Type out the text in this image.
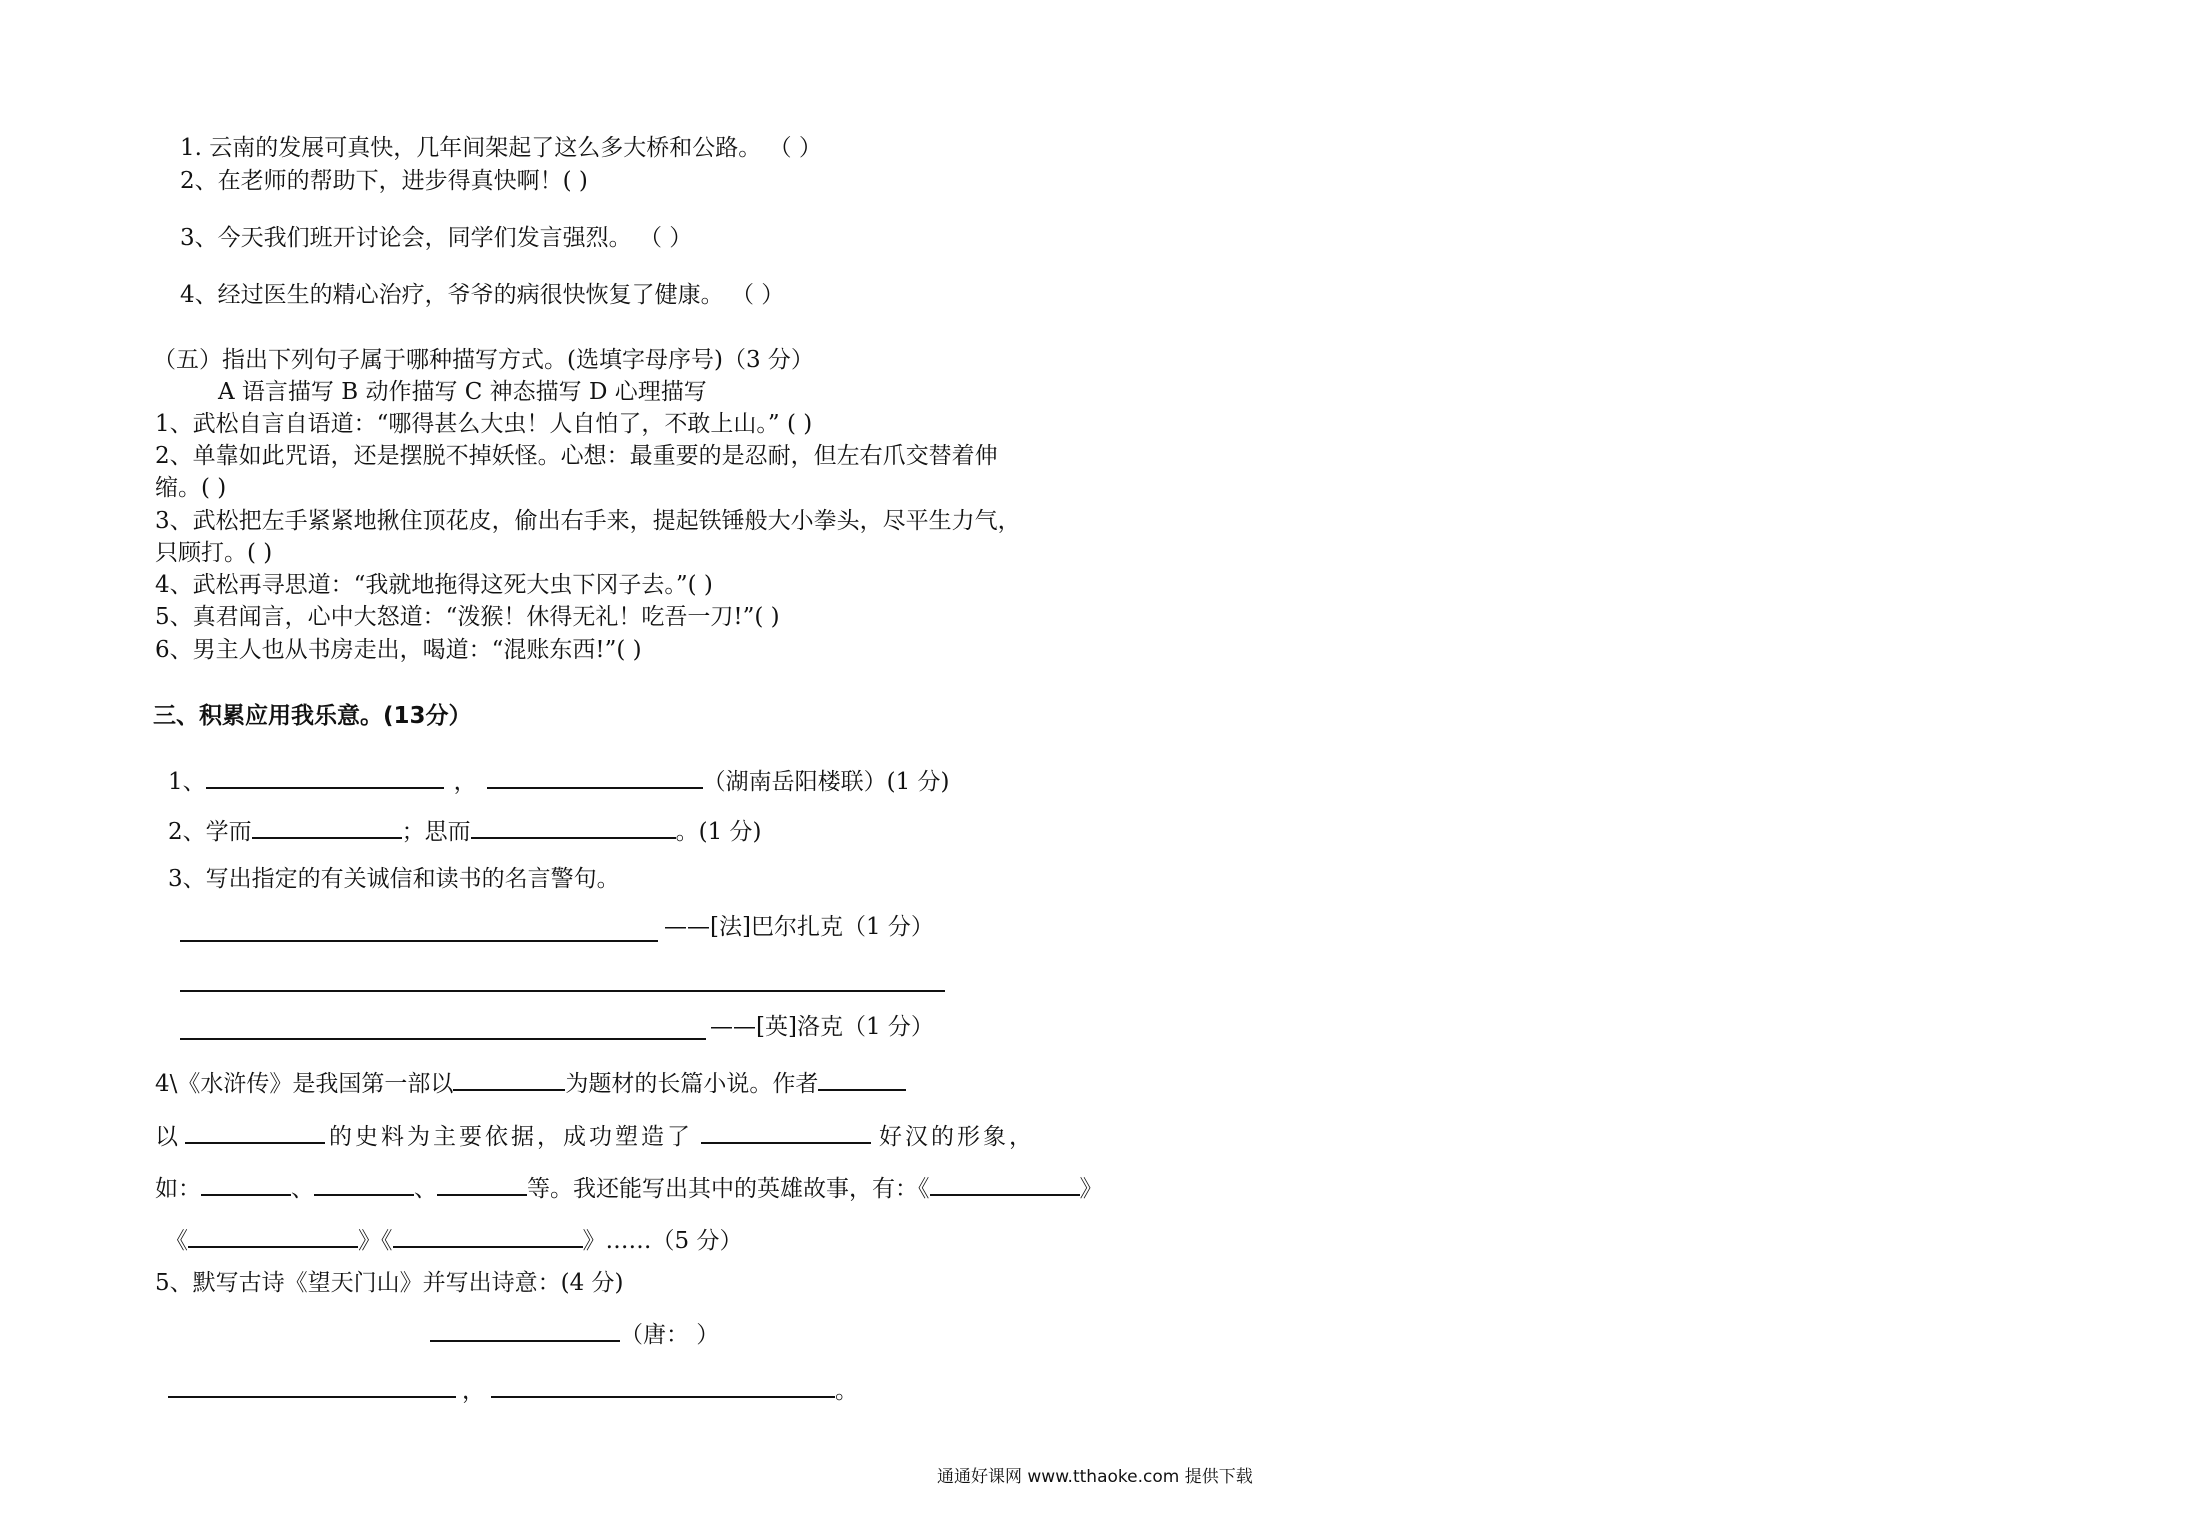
1. 云南的发展可真快，几年间架起了这么多大桥和公路。 （ ）
2、在老师的帮助下，进步得真快啊！( )
3、今天我们班开讨论会，同学们发言强烈。 （ ）
4、经过医生的精心治疗，爷爷的病很快恢复了健康。 （ ）
（五）指出下列句子属于哪种描写方式。(选填字母序号)（3 分）
A 语言描写 B 动作描写 C 神态描写 D 心理描写
1、武松自言自语道：“哪得甚么大虫！人自怕了，不敢上山。” ( )
2、单靠如此咒语，还是摆脱不掉妖怪。心想：最重要的是忍耐，但左右爪交替着伸
缩。( )
3、武松把左手紧紧地揪住顶花皮，偷出右手来，提起铁锤般大小拳头，尽平生力气，
只顾打。( )
4、武松再寻思道：“我就地拖得这死大虫下冈子去。”( )
5、真君闻言，心中大怒道：“泼猴！休得无礼！吃吾一刀!”( )
6、男主人也从书房走出，喝道：“混账东西!”( )
三、积累应用我乐意。(13分）
1、	，	（湖南岳阳楼联）(1 分)
2、学而	；思而	。(1 分)
3、写出指定的有关诚信和读书的名言警句。
——[法]巴尔扎克（1 分）
——[英]洛克（1 分）
4\《水浒传》是我国第一部以	为题材的长篇小说。作者
以	的史料为主要依据，成功塑造了	好汉的形象，
如：	、	、	等。我还能写出其中的英雄故事，有：《	》
《	》《	》……（5 分）
5、默写古诗《望天门山》并写出诗意：(4 分)
（唐： ）
，	。
通通好课网 www.tthaoke.com 提供下载
